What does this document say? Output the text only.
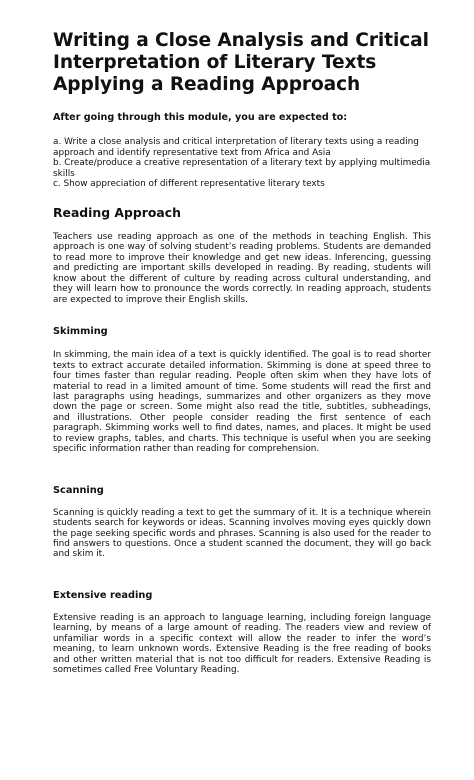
Writing a Close Analysis and Critical Interpretation of Literary Texts Applying a Reading Approach

After going through this module, you are expected to:

a. Write a close analysis and critical interpretation of literary texts using a reading approach and identify representative text from Africa and Asia
b. Create/produce a creative representation of a literary text by applying multimedia skills
c. Show appreciation of different representative literary texts
Reading Approach

Teachers use reading approach as one of the methods in teaching English. This approach is one way of solving student’s reading problems. Students are demanded to read more to improve their knowledge and get new ideas. Inferencing, guessing and predicting are important skills developed in reading. By reading, students will know about the different of culture by reading across cultural understanding, and they will learn how to pronounce the words correctly. In reading approach, students are expected to improve their English skills.

Skimming

In skimming, the main idea of a text is quickly identified. The goal is to read shorter texts to extract accurate detailed information. Skimming is done at speed three to four times faster than regular reading. People often skim when they have lots of material to read in a limited amount of time. Some students will read the first and last paragraphs using headings, summarizes and other organizers as they move down the page or screen. Some might also read the title, subtitles, subheadings, and illustrations. Other people consider reading the first sentence of each paragraph. Skimming works well to find dates, names, and places. It might be used to review graphs, tables, and charts. This technique is useful when you are seeking specific information rather than reading for comprehension.

Scanning

Scanning is quickly reading a text to get the summary of it. It is a technique wherein students search for keywords or ideas. Scanning involves moving eyes quickly down the page seeking specific words and phrases. Scanning is also used for the reader to find answers to questions. Once a student scanned the document, they will go back and skim it.

Extensive reading

Extensive reading is an approach to language learning, including foreign language learning, by means of a large amount of reading. The readers view and review of unfamiliar words in a specific context will allow the reader to infer the word’s meaning, to learn unknown words. Extensive Reading is the free reading of books and other written material that is not too difficult for readers. Extensive Reading is sometimes called Free Voluntary Reading.
